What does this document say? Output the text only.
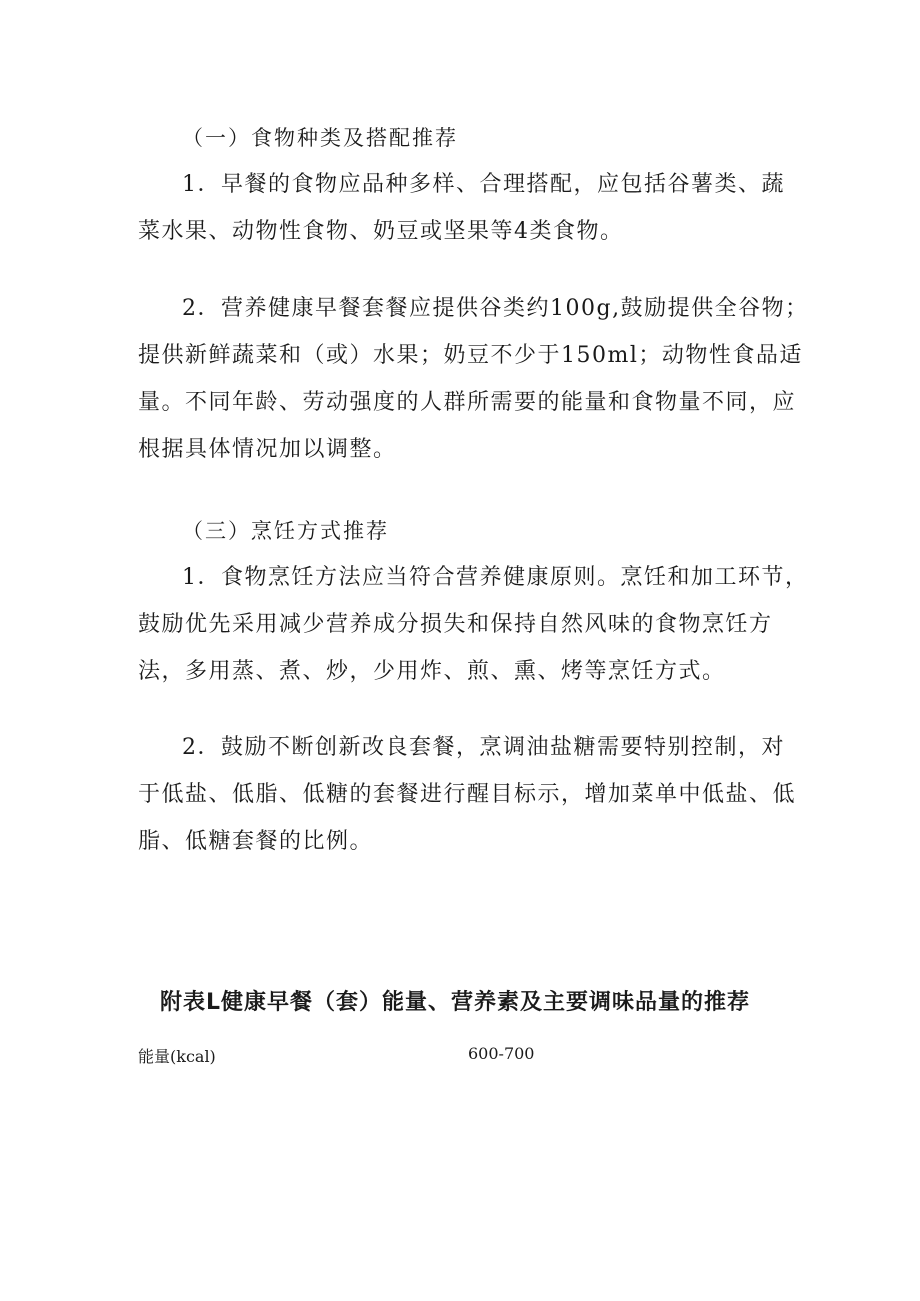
（一）食物种类及搭配推荐
1．早餐的食物应品种多样、合理搭配，应包括谷薯类、蔬
菜水果、动物性食物、奶豆或坚果等4类食物。
2．营养健康早餐套餐应提供谷类约100g,鼓励提供全谷物；
提供新鲜蔬菜和（或）水果；奶豆不少于150ml；动物性食品适
量。不同年龄、劳动强度的人群所需要的能量和食物量不同，应
根据具体情况加以调整。
（三）烹饪方式推荐
1．食物烹饪方法应当符合营养健康原则。烹饪和加工环节，
鼓励优先采用减少营养成分损失和保持自然风味的食物烹饪方
法，多用蒸、煮、炒，少用炸、煎、熏、烤等烹饪方式。
2．鼓励不断创新改良套餐，烹调油盐糖需要特别控制，对
于低盐、低脂、低糖的套餐进行醒目标示，增加菜单中低盐、低
脂、低糖套餐的比例。
附表L健康早餐（套）能量、营养素及主要调味品量的推荐
能量(kcal)	600-700
